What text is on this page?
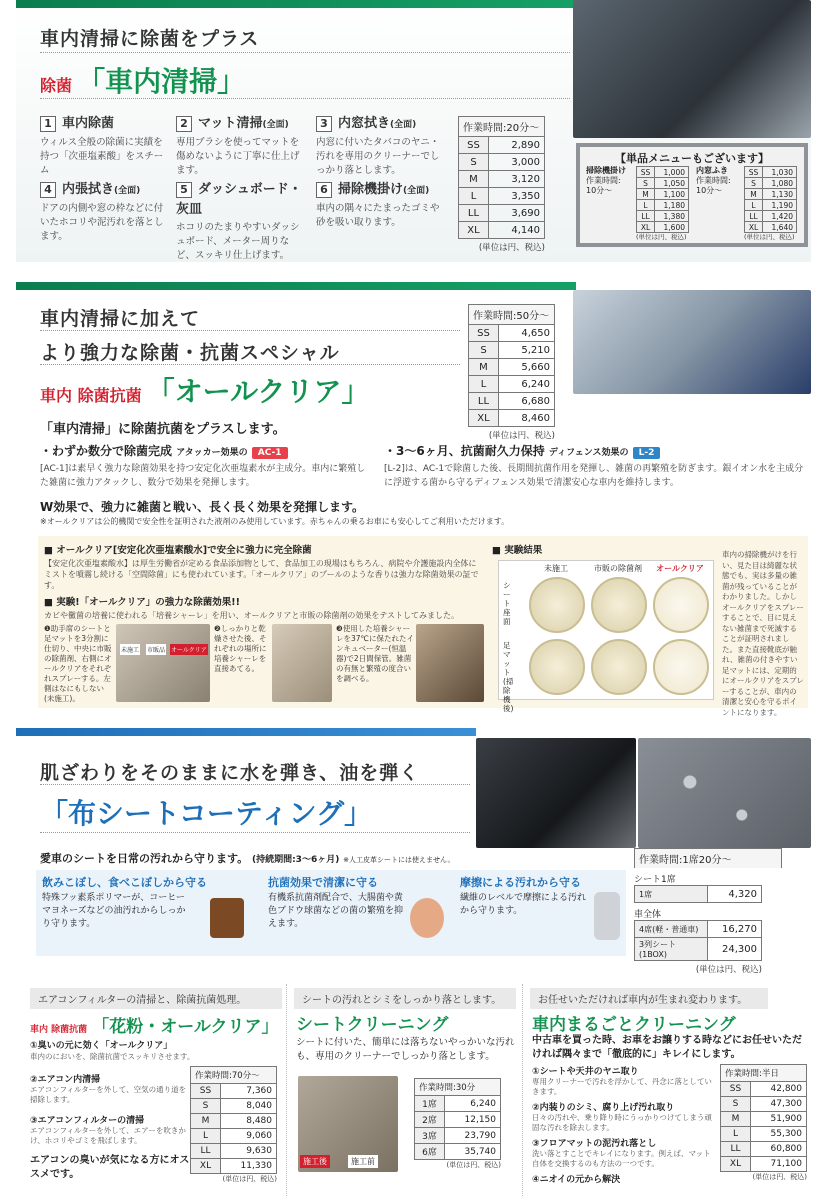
車内清掃に除菌をプラス
除菌 「車内清掃」
1 車内除菌
ウィルス全般の除菌に実績を持つ「次亜塩素酸」をスチーム
2 マット清掃(全面)
専用ブラシを使ってマットを傷めないように丁寧に仕上げます。
3 内窓拭き(全面)
内窓に付いたタバコのヤニ・汚れを専用のクリーナーでしっかり落とします。
4 内張拭き(全面)
ドアの内側や窓の枠などに付いたホコリや泥汚れを落とします。
5 ダッシュボード・灰皿
ホコリのたまりやすいダッシュボード、メーター周りなど、スッキリ仕上げます。
6 掃除機掛け(全面)
車内の隅々にたまったゴミや砂を吸い取ります。
作業時間:20分〜
SS	2,890
S	3,000
M	3,120
L	3,350
LL	3,690
XL	4,140
(単位は円、税込)
【単品メニューもございます】
掃除機掛け
作業時間:
10分〜
SS	1,000
S	1,050
M	1,100
L	1,180
LL	1,380
XL	1,600
内窓ふき
作業時間:
10分〜
SS	1,030
S	1,080
M	1,130
L	1,190
LL	1,420
XL	1,640
(単位は円、税込)	(単位は円、税込)
車内清掃に加えて
より強力な除菌・抗菌スペシャル
車内 除菌抗菌 「オールクリア」
作業時間:50分〜
SS	4,650
S	5,210
M	5,660
L	6,240
LL	6,680
XL	8,460
(単位は円、税込)
「車内清掃」に除菌抗菌をプラスします。
・わずか数分で除菌完成 アタッカー効果の AC-1	・3〜6ヶ月、抗菌耐久力保持 ディフェンス効果の L-2
[AC-1]は素早く強力な除菌効果を持つ安定化次亜塩素水が主成分。車内に繁殖した雑菌に強力アタックし、数分で効果を発揮します。
[L-2]は、AC-1で除菌した後、長期間抗菌作用を発揮し、雑菌の再繁殖を防ぎます。銀イオン水を主成分に浮遊する菌から守るディフェンス効果で清潔安心な車内を維持します。
W効果で、強力に雑菌と戦い、長く長く効果を発揮します。
※オールクリアは公的機関で安全性を証明された液剤のみ使用しています。赤ちゃんの乗るお車にも安心してご利用いただけます。
■ オールクリア[安定化次亜塩素酸水]で安全に強力に完全除菌
【安定化次亜塩素酸水】は厚生労働省が定める食品添加物として、食品加工の現場はもちろん、病院や介護施設内全体にミストを噴霧し続ける「空間除菌」にも使われています。「オールクリア」のプールのような香りは強力な除菌効果の証です。
■ 実験!「オールクリア」の強力な除菌効果!!
カビや黴菌の培養に使われる「培養シャーレ」を用い、オールクリアと市販の除菌剤の効果をテストしてみました。
❶助手席のシートと足マットを3分割に仕切り、中央に市販の除菌剤、右側にオールクリアをそれぞれスプレーする。左側はなにもしない(未施工)。
未施工 市販品 オールクリア
❷しっかりと乾燥させた後、それぞれの場所に培養シャーレを直接あてる。
❸使用した培養シャーレを37℃に保たれたインキュベーター(恒温器)で2日間保管。雑菌の有無と繁殖の度合いを調べる。
■ 実験結果
未施工	市販の除菌剤	オールクリア
シート座面
足マット(掃除機後)
車内の掃除機がけを行い、見た目は綺麗な状態でも、実は多量の雑菌が残っていることがわかりました。しかしオールクリアをスプレーすることで、目に見えない雑菌まで死滅することが証明されました。また直接靴底が触れ、雑菌の付きやすい足マットには、定期的にオールクリアをスプレーすることが、車内の清潔と安心を守るポイントになります。
肌ざわりをそのままに水を弾き、油を弾く
「布シートコーティング」
愛車のシートを日常の汚れから守ります。 (持続期間:3〜6ヶ月) ※人工皮革シートには使えません。
飲みこぼし、食べこぼしから守る
特殊フッ素系ポリマーが、コーヒーマヨネーズなどの油汚れからしっかり守ります。
抗菌効果で清潔に守る
有機系抗菌剤配合で、大腸菌や黄色ブドウ球菌などの菌の繁殖を抑えます。
摩擦による汚れから守る
繊維のレベルで摩擦による汚れから守ります。
作業時間:1席20分〜
シート1席
1席	4,320
車全体
4席(軽・普通車)	16,270
3列シート(1BOX)	24,300
(単位は円、税込)
エアコンフィルターの清掃と、除菌抗菌処理。
車内 除菌抗菌 「花粉・オールクリア」
①臭いの元に効く「オールクリア」
車内のにおいを、除菌抗菌でスッキリさせます。
②エアコン内清掃
エアコンフィルターを外して、空気の通り道を掃除します。
③エアコンフィルターの清掃
エアコンフィルターを外して、エアーを吹きかけ、ホコリやゴミを飛ばします。
エアコンの臭いが気になる方にオススメです。
作業時間:70分〜
SS	7,360
S	8,040
M	8,480
L	9,060
LL	9,630
XL	11,330
(単位は円、税込)
シートの汚れとシミをしっかり落とします。
シートクリーニング
シートに付いた、簡単には落ちないやっかいな汚れも、専用のクリーナーでしっかり落とします。
施工後	施工前
作業時間:30分
1席	6,240
2席	12,150
3席	23,790
6席	35,740
(単位は円、税込)
お任せいただければ車内が生まれ変わります。
車内まるごとクリーニング
中古車を買った時、お車をお譲りする時などにお任せいただければ隅々まで「徹底的に」キレイにします。
①シートや天井のヤニ取り
専用クリーナーで汚れを浮かして、丹念に落としていきます。
②内装りのシミ、腐り上げ汚れ取り
日々の汚れや、乗り降り時にうっかりつけてしまう頑固な汚れを除去します。
③フロアマットの泥汚れ落とし
洗い落とすことでキレイになります。例えば、マット自体を交換するのも方法の一つです。
④ニオイの元から解決
作業時間:半日
SS	42,800
S	47,300
M	51,900
L	55,300
LL	60,800
XL	71,100
(単位は円、税込)
